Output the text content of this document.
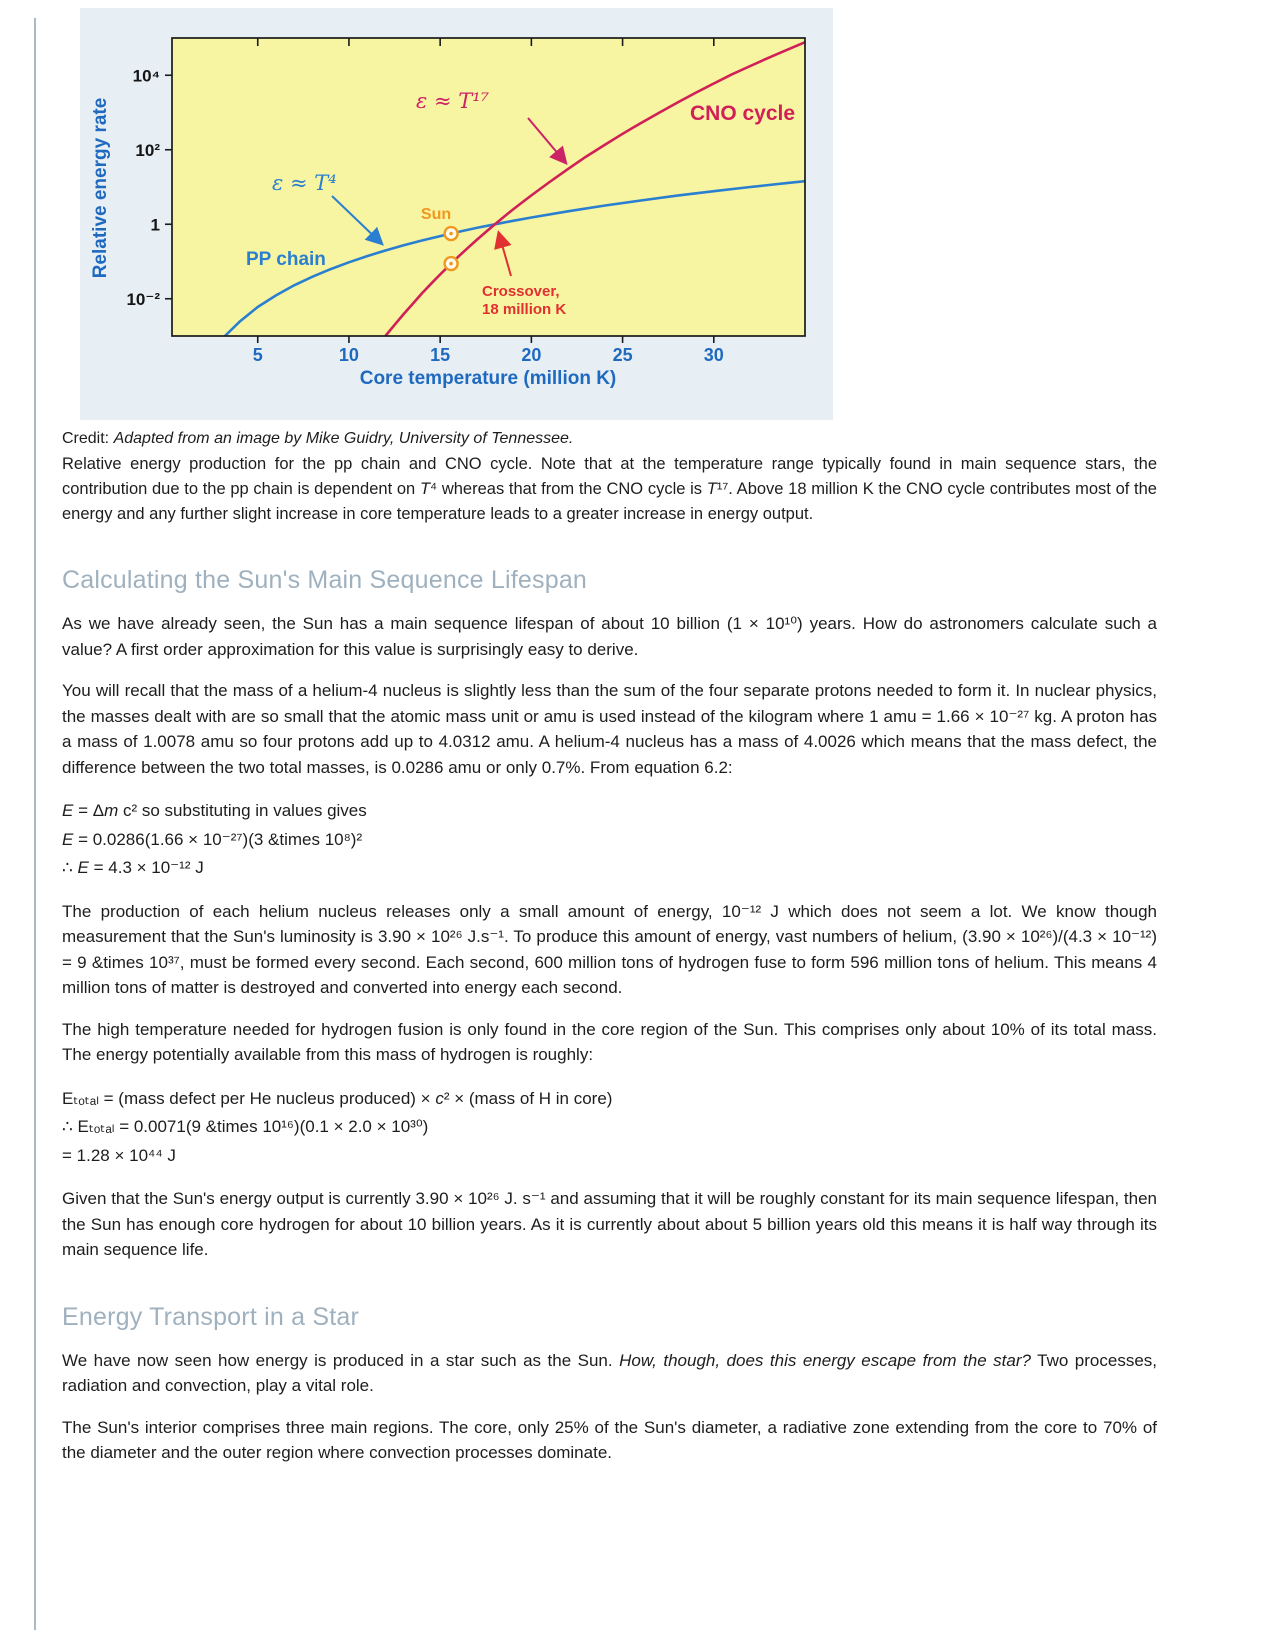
5	10	15	20	25	30
10⁴
10²
1
10⁻²
Relative energy rate
Core temperature (million K)
ε ≈ T¹⁷
ε ≈ T⁴
PP chain
CNO cycle
Sun
Crossover,
18 million K

Credit: Adapted from an image by Mike Guidry, University of Tennessee.

Relative energy production for the pp chain and CNO cycle. Note that at the temperature range typically found in main sequence stars, the contribution due to the pp chain is dependent on T⁴ whereas that from the CNO cycle is T¹⁷. Above 18 million K the CNO cycle contributes most of the energy and any further slight increase in core temperature leads to a greater increase in energy output.

Calculating the Sun's Main Sequence Lifespan

As we have already seen, the Sun has a main sequence lifespan of about 10 billion (1 × 10¹⁰) years. How do astronomers calculate such a value? A first order approximation for this value is surprisingly easy to derive.

You will recall that the mass of a helium-4 nucleus is slightly less than the sum of the four separate protons needed to form it. In nuclear physics, the masses dealt with are so small that the atomic mass unit or amu is used instead of the kilogram where 1 amu = 1.66 × 10⁻²⁷ kg. A proton has a mass of 1.0078 amu so four protons add up to 4.0312 amu. A helium-4 nucleus has a mass of 4.0026 which means that the mass defect, the difference between the two total masses, is 0.0286 amu or only 0.7%. From equation 6.2:

E = Δm c² so substituting in values gives
E = 0.0286(1.66 × 10⁻²⁷)(3 &times 10⁸)²
∴ E = 4.3 × 10⁻¹² J

The production of each helium nucleus releases only a small amount of energy, 10⁻¹² J which does not seem a lot. We know though measurement that the Sun's luminosity is 3.90 × 10²⁶ J.s⁻¹. To produce this amount of energy, vast numbers of helium, (3.90 × 10²⁶)/(4.3 × 10⁻¹²) = 9 &times 10³⁷, must be formed every second. Each second, 600 million tons of hydrogen fuse to form 596 million tons of helium. This means 4 million tons of matter is destroyed and converted into energy each second.

The high temperature needed for hydrogen fusion is only found in the core region of the Sun. This comprises only about 10% of its total mass. The energy potentially available from this mass of hydrogen is roughly:

Eₜₒₜₐₗ = (mass defect per He nucleus produced) × c² × (mass of H in core)
∴ Eₜₒₜₐₗ = 0.0071(9 &times 10¹⁶)(0.1 × 2.0 × 10³⁰)
= 1.28 × 10⁴⁴ J

Given that the Sun's energy output is currently 3.90 × 10²⁶ J. s⁻¹ and assuming that it will be roughly constant for its main sequence lifespan, then the Sun has enough core hydrogen for about 10 billion years. As it is currently about about 5 billion years old this means it is half way through its main sequence life.

Energy Transport in a Star

We have now seen how energy is produced in a star such as the Sun. How, though, does this energy escape from the star? Two processes, radiation and convection, play a vital role.

The Sun's interior comprises three main regions. The core, only 25% of the Sun's diameter, a radiative zone extending from the core to 70% of the diameter and the outer region where convection processes dominate.
